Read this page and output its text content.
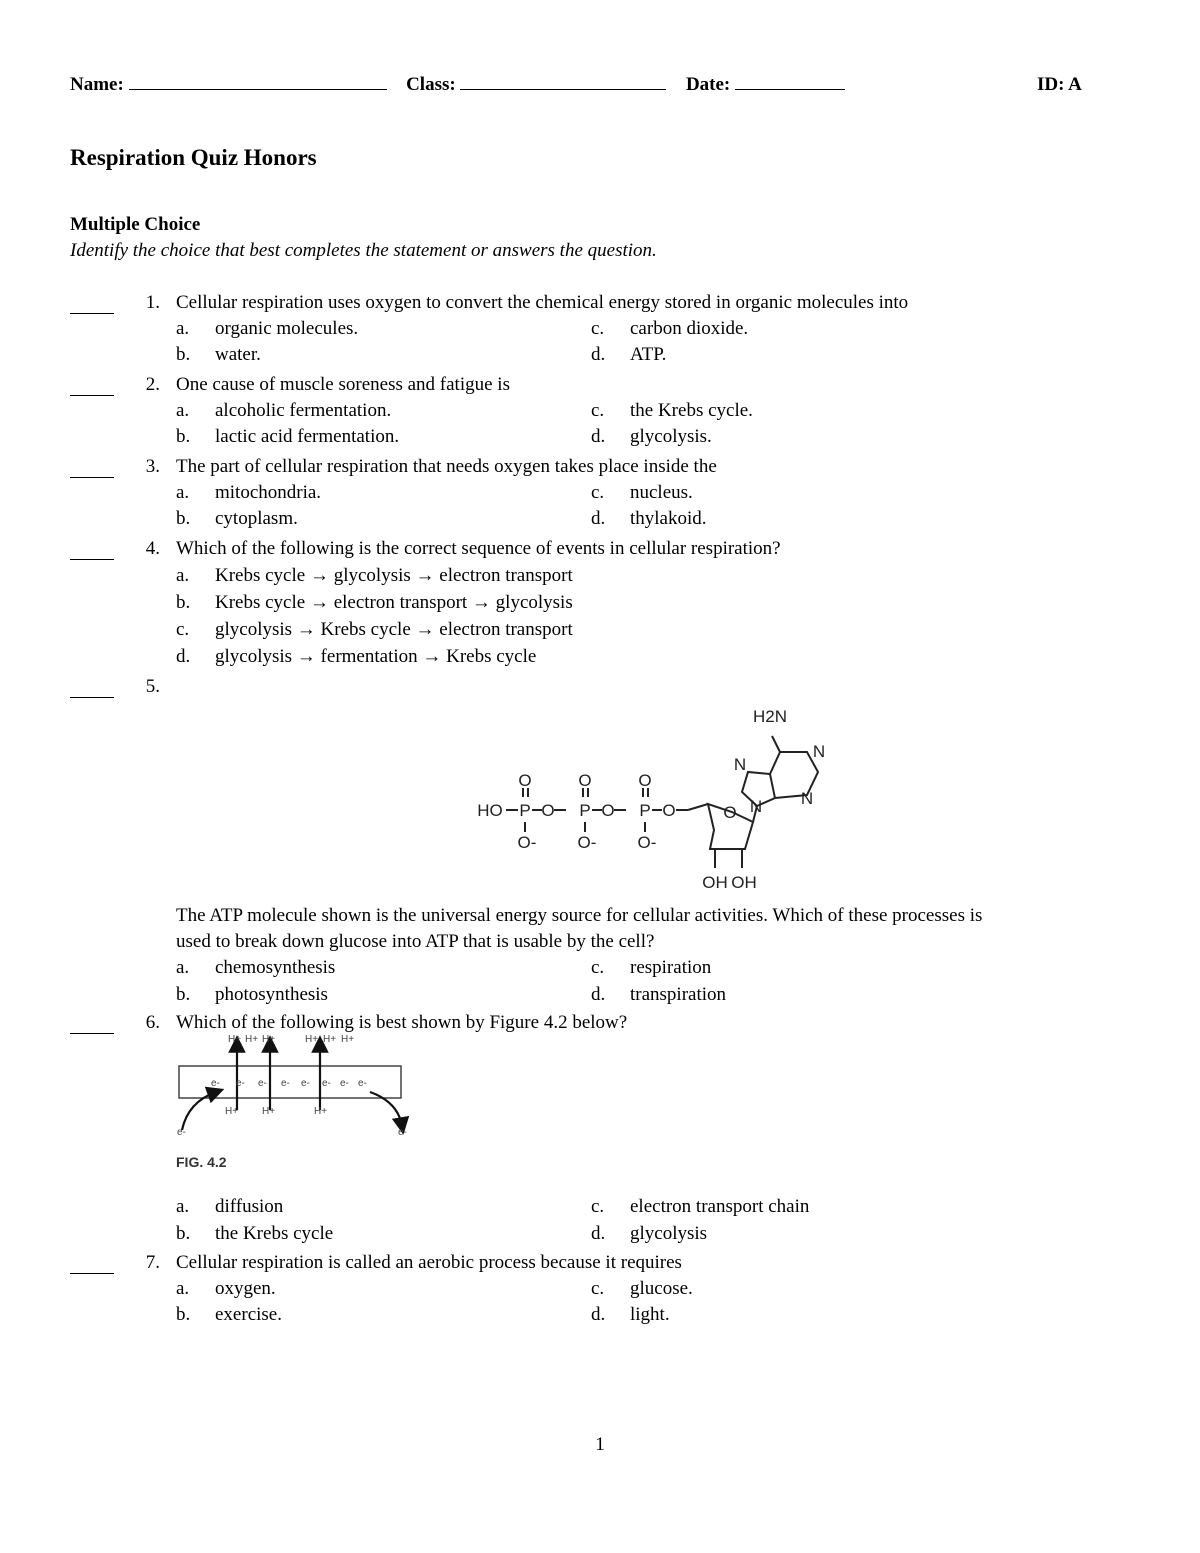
Name:	Class:	Date:	ID: A
Respiration Quiz Honors
Multiple Choice
Identify the choice that best completes the statement or answers the question.
1. Cellular respiration uses oxygen to convert the chemical energy stored in organic molecules into
a. organic molecules.
b. water.
c. carbon dioxide.
d. ATP.
2. One cause of muscle soreness and fatigue is
a. alcoholic fermentation.
b. lactic acid fermentation.
c. the Krebs cycle.
d. glycolysis.
3. The part of cellular respiration that needs oxygen takes place inside the
a. mitochondria.
b. cytoplasm.
c. nucleus.
d. thylakoid.
4. Which of the following is the correct sequence of events in cellular respiration?
a. Krebs cycle → glycolysis → electron transport
b. Krebs cycle → electron transport → glycolysis
c. glycolysis → Krebs cycle → electron transport
d. glycolysis → fermentation → Krebs cycle
5.
HO P O P O P O
O	O	O
O- O- O-
O
OH OH
N
N
N
N
H2N
The ATP molecule shown is the universal energy source for cellular activities. Which of these processes is
used to break down glucose into ATP that is usable by the cell?
a. chemosynthesis
b. photosynthesis
c. respiration
d. transpiration
6. Which of the following is best shown by Figure 4.2 below?
H+ H+ H+	H+ H+ H+
e- e- e- e- e- e- e- e-
H+ H+	H+
e-	e-
FIG. 4.2
a. diffusion
b. the Krebs cycle
c. electron transport chain
d. glycolysis
7. Cellular respiration is called an aerobic process because it requires
a. oxygen.
b. exercise.
c. glucose.
d. light.
1
